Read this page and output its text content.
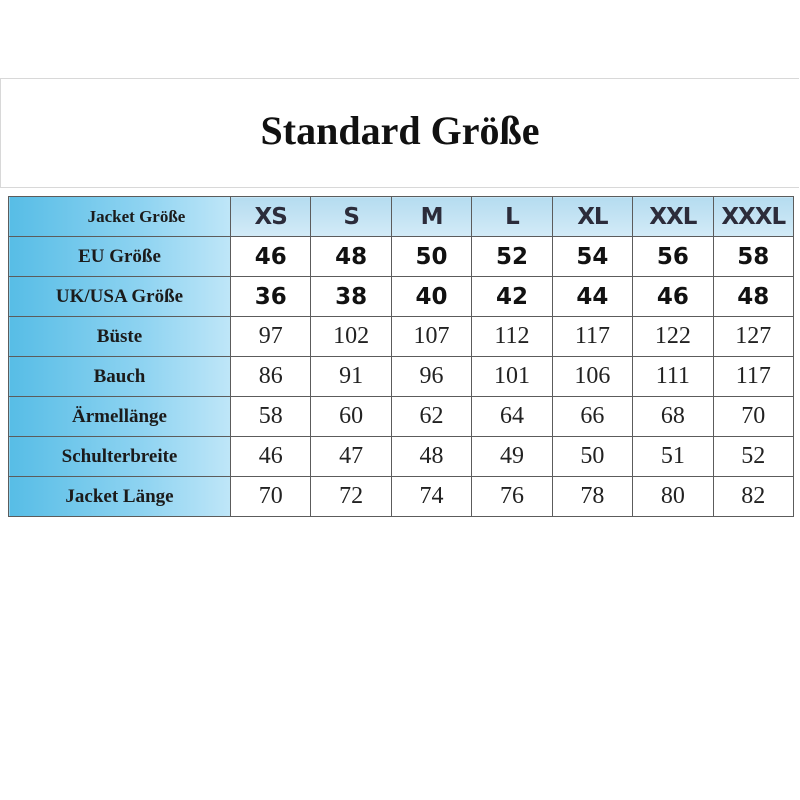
Standard Größe
Jacket Größe	XS	S	M	L	XL	XXL	XXXL
EU Größe	46	48	50	52	54	56	58
UK/USA Größe	36	38	40	42	44	46	48
Büste	97	102	107	112	117	122	127
Bauch	86	91	96	101	106	111	117
Ärmellänge	58	60	62	64	66	68	70
Schulterbreite	46	47	48	49	50	51	52
Jacket Länge	70	72	74	76	78	80	82
